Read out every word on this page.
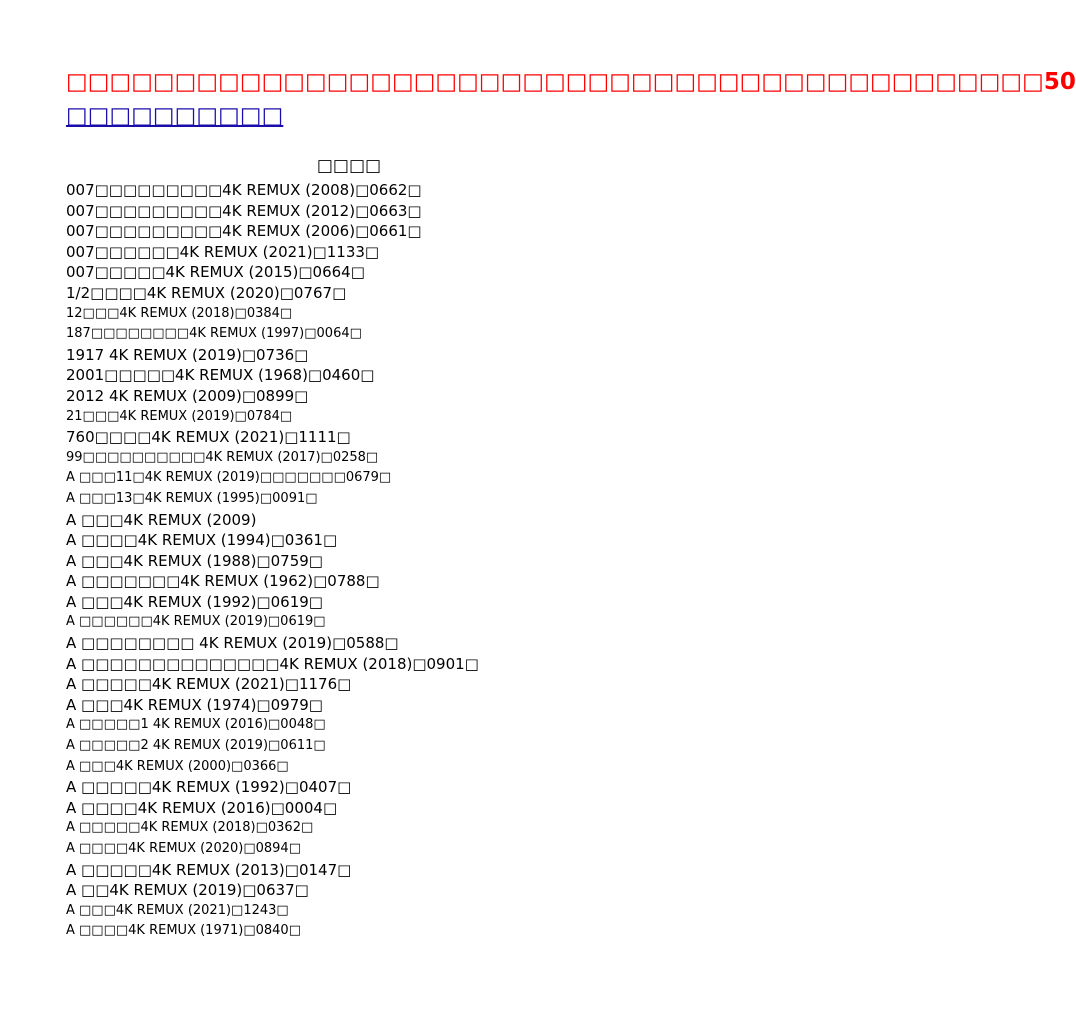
□□□□□□□□□□□□□□□□□□□□□□□□□□□□□□□□□□□□□□□□□□□□□50
□□□□□□□□□□
□□□□
007□□□□□□□□□4K REMUX (2008)□0662□
007□□□□□□□□□4K REMUX (2012)□0663□
007□□□□□□□□□4K REMUX (2006)□0661□
007□□□□□□4K REMUX (2021)□1133□
007□□□□□4K REMUX (2015)□0664□
1/2□□□□4K REMUX (2020)□0767□
12□□□4K REMUX (2018)□0384□
187□□□□□□□□4K REMUX (1997)□0064□
1917 4K REMUX (2019)□0736□
2001□□□□□4K REMUX (1968)□0460□
2012 4K REMUX (2009)□0899□
21□□□4K REMUX (2019)□0784□
760□□□□4K REMUX (2021)□1111□
99□□□□□□□□□□4K REMUX (2017)□0258□
A □□□11□4K REMUX (2019)□□□□□□□0679□
A □□□13□4K REMUX (1995)□0091□
A □□□4K REMUX (2009)
A □□□□4K REMUX (1994)□0361□
A □□□4K REMUX (1988)□0759□
A □□□□□□□4K REMUX (1962)□0788□
A □□□4K REMUX (1992)□0619□
A □□□□□□4K REMUX (2019)□0619□
A □□□□□□□□ 4K REMUX (2019)□0588□
A □□□□□□□□□□□□□□4K REMUX (2018)□0901□
A □□□□□4K REMUX (2021)□1176□
A □□□4K REMUX (1974)□0979□
A □□□□□1 4K REMUX (2016)□0048□
A □□□□□2 4K REMUX (2019)□0611□
A □□□4K REMUX (2000)□0366□
A □□□□□4K REMUX (1992)□0407□
A □□□□4K REMUX (2016)□0004□
A □□□□□4K REMUX (2018)□0362□
A □□□□4K REMUX (2020)□0894□
A □□□□□4K REMUX (2013)□0147□
A □□4K REMUX (2019)□0637□
A □□□4K REMUX (2021)□1243□
A □□□□4K REMUX (1971)□0840□
